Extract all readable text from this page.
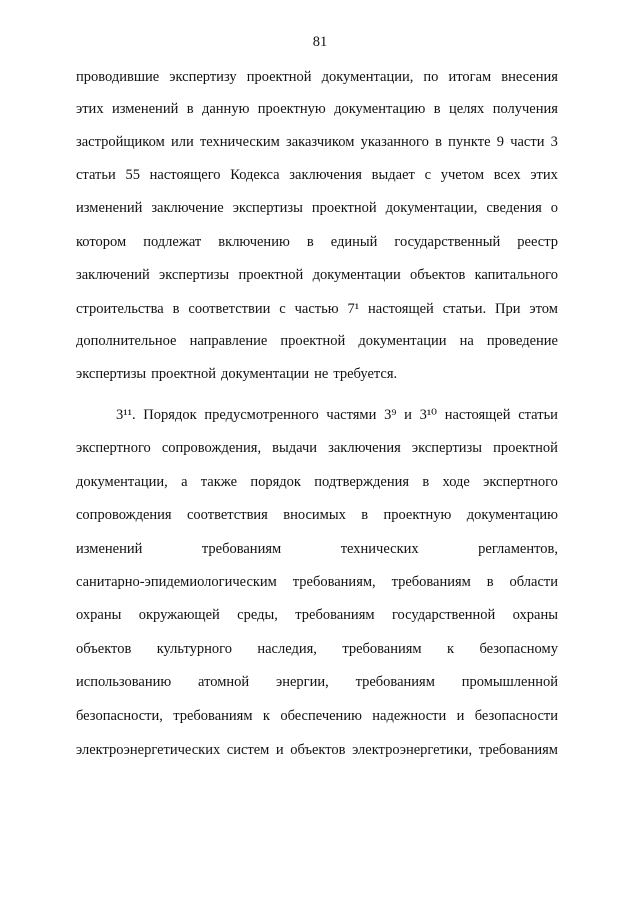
81
проводившие экспертизу проектной документации, по итогам внесения
этих изменений в данную проектную документацию в целях получения
застройщиком или техническим заказчиком указанного в пункте 9 части 3
статьи 55 настоящего Кодекса заключения выдает с учетом всех этих
изменений заключение экспертизы проектной документации, сведения о
котором подлежат включению в единый государственный реестр
заключений экспертизы проектной документации объектов капитального
строительства в соответствии с частью 7¹ настоящей статьи. При этом
дополнительное направление проектной документации на проведение
экспертизы проектной документации не требуется.
3¹¹. Порядок предусмотренного частями 3⁹ и 3¹⁰ настоящей статьи
экспертного сопровождения, выдачи заключения экспертизы проектной
документации, а также порядок подтверждения в ходе экспертного
сопровождения соответствия вносимых в проектную документацию
изменений	требованиям	технических	регламентов,
санитарно-эпидемиологическим требованиям, требованиям в области
охраны окружающей среды, требованиям государственной охраны
объектов культурного наследия, требованиям к безопасному
использованию атомной энергии, требованиям промышленной
безопасности, требованиям к обеспечению надежности и безопасности
электроэнергетических систем и объектов электроэнергетики, требованиям
